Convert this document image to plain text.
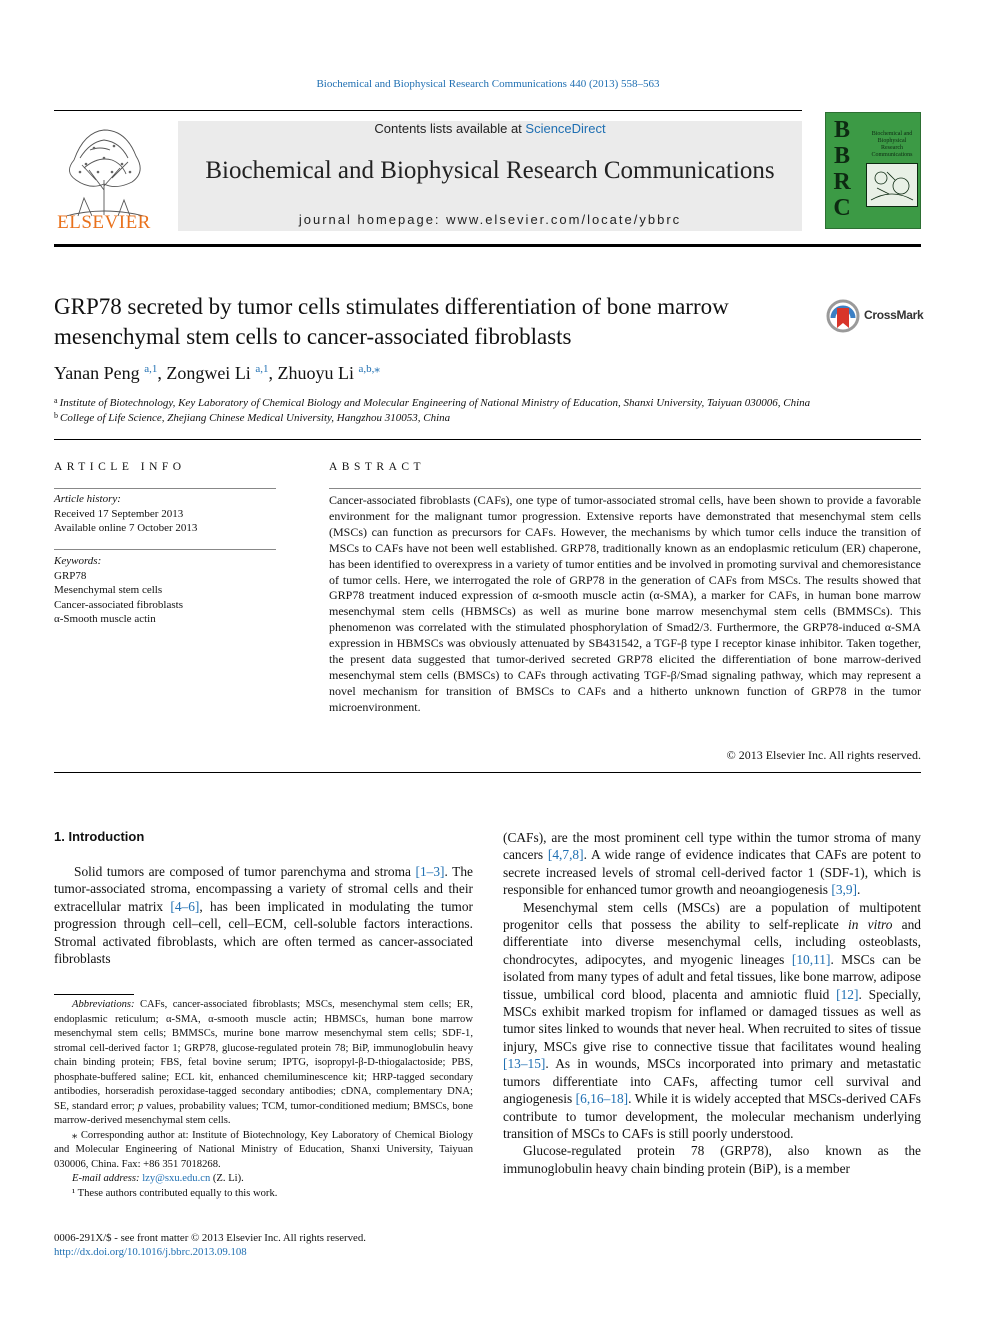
Biochemical and Biophysical Research Communications 440 (2013) 558–563
ELSEVIER
Contents lists available at ScienceDirect
Biochemical and Biophysical Research Communications
journal homepage: www.elsevier.com/locate/ybbrc
B
B
R
C
Biochemical and Biophysical Research Communications
GRP78 secreted by tumor cells stimulates differentiation of bone marrow mesenchymal stem cells to cancer-associated fibroblasts
CrossMark
Yanan Peng $^{a,1}$, Zongwei Li $^{a,1}$, Zhuoyu Li $^{a,b,⁎}$
$^a$ Institute of Biotechnology, Key Laboratory of Chemical Biology and Molecular Engineering of National Ministry of Education, Shanxi University, Taiyuan 030006, China
$^b$ College of Life Science, Zhejiang Chinese Medical University, Hangzhou 310053, China
ARTICLE INFO	ABSTRACT
Article history:
Received 17 September 2013
Available online 7 October 2013
Keywords:
GRP78
Mesenchymal stem cells
Cancer-associated fibroblasts
α-Smooth muscle actin
Cancer-associated fibroblasts (CAFs), one type of tumor-associated stromal cells, have been shown to provide a favorable environment for the malignant tumor progression. Extensive reports have demonstrated that mesenchymal stem cells (MSCs) can function as precursors for CAFs. However, the mechanisms by which tumor cells induce the transition of MSCs to CAFs have not been well established. GRP78, traditionally known as an endoplasmic reticulum (ER) chaperone, has been identified to overexpress in a variety of tumor entities and be involved in promoting survival and chemoresistance of tumor cells. Here, we interrogated the role of GRP78 in the generation of CAFs from MSCs. The results showed that GRP78 treatment induced expression of α-smooth muscle actin (α-SMA), a marker for CAFs, in human bone marrow mesenchymal stem cells (HBMSCs) as well as murine bone marrow mesenchymal stem cells (BMMSCs). This phenomenon was correlated with the stimulated phosphorylation of Smad2/3. Furthermore, the GRP78-induced α-SMA expression in HBMSCs was obviously attenuated by SB431542, a TGF-β type I receptor kinase inhibitor. Taken together, the present data suggested that tumor-derived secreted GRP78 elicited the differentiation of bone marrow-derived mesenchymal stem cells (BMSCs) to CAFs through activating TGF-β/Smad signaling pathway, which may represent a novel mechanism for transition of BMSCs to CAFs and a hitherto unknown function of GRP78 in the tumor microenvironment.
© 2013 Elsevier Inc. All rights reserved.
1. Introduction

Solid tumors are composed of tumor parenchyma and stroma [1–3]. The tumor-associated stroma, encompassing a variety of stromal cells and their extracellular matrix [4–6], has been implicated in modulating the tumor progression through cell–cell, cell–ECM, cell-soluble factors interactions. Stromal activated fibroblasts, which are often termed as cancer-associated fibroblasts

(CAFs), are the most prominent cell type within the tumor stroma of many cancers [4,7,8]. A wide range of evidence indicates that CAFs are potent to secrete increased levels of stromal cell-derived factor 1 (SDF-1), which is responsible for enhanced tumor growth and neoangiogenesis [3,9].

Mesenchymal stem cells (MSCs) are a population of multipotent progenitor cells that possess the ability to self-replicate in vitro and differentiate into diverse mesenchymal cells, including osteoblasts, chondrocytes, adipocytes, and myogenic lineages [10,11]. MSCs can be isolated from many types of adult and fetal tissues, like bone marrow, adipose tissue, umbilical cord blood, placenta and amniotic fluid [12]. Specially, MSCs exhibit marked tropism for inflamed or damaged tissues as well as tumor sites linked to wounds that never heal. When recruited to sites of tissue injury, MSCs give rise to connective tissue that facilitates wound healing [13–15]. As in wounds, MSCs incorporated into primary and metastatic tumors differentiate into CAFs, affecting tumor cell survival and angiogenesis [6,16–18]. While it is widely accepted that MSCs-derived CAFs contribute to tumor development, the molecular mechanism underlying transition of MSCs to CAFs is still poorly understood.

Glucose-regulated protein 78 (GRP78), also known as the immunoglobulin heavy chain binding protein (BiP), is a member

Abbreviations: CAFs, cancer-associated fibroblasts; MSCs, mesenchymal stem cells; ER, endoplasmic reticulum; α-SMA, α-smooth muscle actin; HBMSCs, human bone marrow mesenchymal stem cells; BMMSCs, murine bone marrow mesenchymal stem cells; SDF-1, stromal cell-derived factor 1; GRP78, glucose-regulated protein 78; BiP, immunoglobulin heavy chain binding protein; FBS, fetal bovine serum; IPTG, isopropyl-β-D-thiogalactoside; PBS, phosphate-buffered saline; ECL kit, enhanced chemiluminescence kit; HRP-tagged secondary antibodies, horseradish peroxidase-tagged secondary antibodies; cDNA, complementary DNA; SE, standard error; p values, probability values; TCM, tumor-conditioned medium; BMSCs, bone marrow-derived mesenchymal stem cells.

⁎ Corresponding author at: Institute of Biotechnology, Key Laboratory of Chemical Biology and Molecular Engineering of National Ministry of Education, Shanxi University, Taiyuan 030006, China. Fax: +86 351 7018268.

E-mail address: lzy@sxu.edu.cn (Z. Li).

¹ These authors contributed equally to this work.

0006-291X/$ - see front matter © 2013 Elsevier Inc. All rights reserved.
http://dx.doi.org/10.1016/j.bbrc.2013.09.108
